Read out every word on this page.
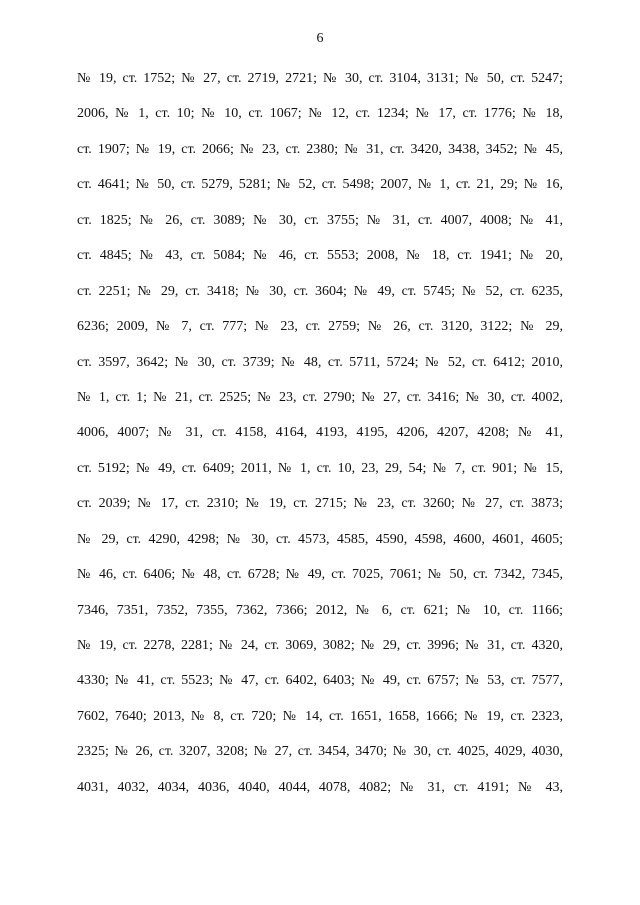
6
№ 19, ст. 1752; № 27, ст. 2719, 2721; № 30, ст. 3104, 3131; № 50, ст. 5247;
2006, № 1, ст. 10; № 10, ст. 1067; № 12, ст. 1234; № 17, ст. 1776; № 18,
ст. 1907; № 19, ст. 2066; № 23, ст. 2380; № 31, ст. 3420, 3438, 3452; № 45,
ст. 4641; № 50, ст. 5279, 5281; № 52, ст. 5498; 2007, № 1, ст. 21, 29; № 16,
ст. 1825; № 26, ст. 3089; № 30, ст. 3755; № 31, ст. 4007, 4008; № 41,
ст. 4845; № 43, ст. 5084; № 46, ст. 5553; 2008, № 18, ст. 1941; № 20,
ст. 2251; № 29, ст. 3418; № 30, ст. 3604; № 49, ст. 5745; № 52, ст. 6235,
6236; 2009, № 7, ст. 777; № 23, ст. 2759; № 26, ст. 3120, 3122; № 29,
ст. 3597, 3642; № 30, ст. 3739; № 48, ст. 5711, 5724; № 52, ст. 6412; 2010,
№ 1, ст. 1; № 21, ст. 2525; № 23, ст. 2790; № 27, ст. 3416; № 30, ст. 4002,
4006, 4007; № 31, ст. 4158, 4164, 4193, 4195, 4206, 4207, 4208; № 41,
ст. 5192; № 49, ст. 6409; 2011, № 1, ст. 10, 23, 29, 54; № 7, ст. 901; № 15,
ст. 2039; № 17, ст. 2310; № 19, ст. 2715; № 23, ст. 3260; № 27, ст. 3873;
№ 29, ст. 4290, 4298; № 30, ст. 4573, 4585, 4590, 4598, 4600, 4601, 4605;
№ 46, ст. 6406; № 48, ст. 6728; № 49, ст. 7025, 7061; № 50, ст. 7342, 7345,
7346, 7351, 7352, 7355, 7362, 7366; 2012, № 6, ст. 621; № 10, ст. 1166;
№ 19, ст. 2278, 2281; № 24, ст. 3069, 3082; № 29, ст. 3996; № 31, ст. 4320,
4330; № 41, ст. 5523; № 47, ст. 6402, 6403; № 49, ст. 6757; № 53, ст. 7577,
7602, 7640; 2013, № 8, ст. 720; № 14, ст. 1651, 1658, 1666; № 19, ст. 2323,
2325; № 26, ст. 3207, 3208; № 27, ст. 3454, 3470; № 30, ст. 4025, 4029, 4030,
4031, 4032, 4034, 4036, 4040, 4044, 4078, 4082; № 31, ст. 4191; № 43,
